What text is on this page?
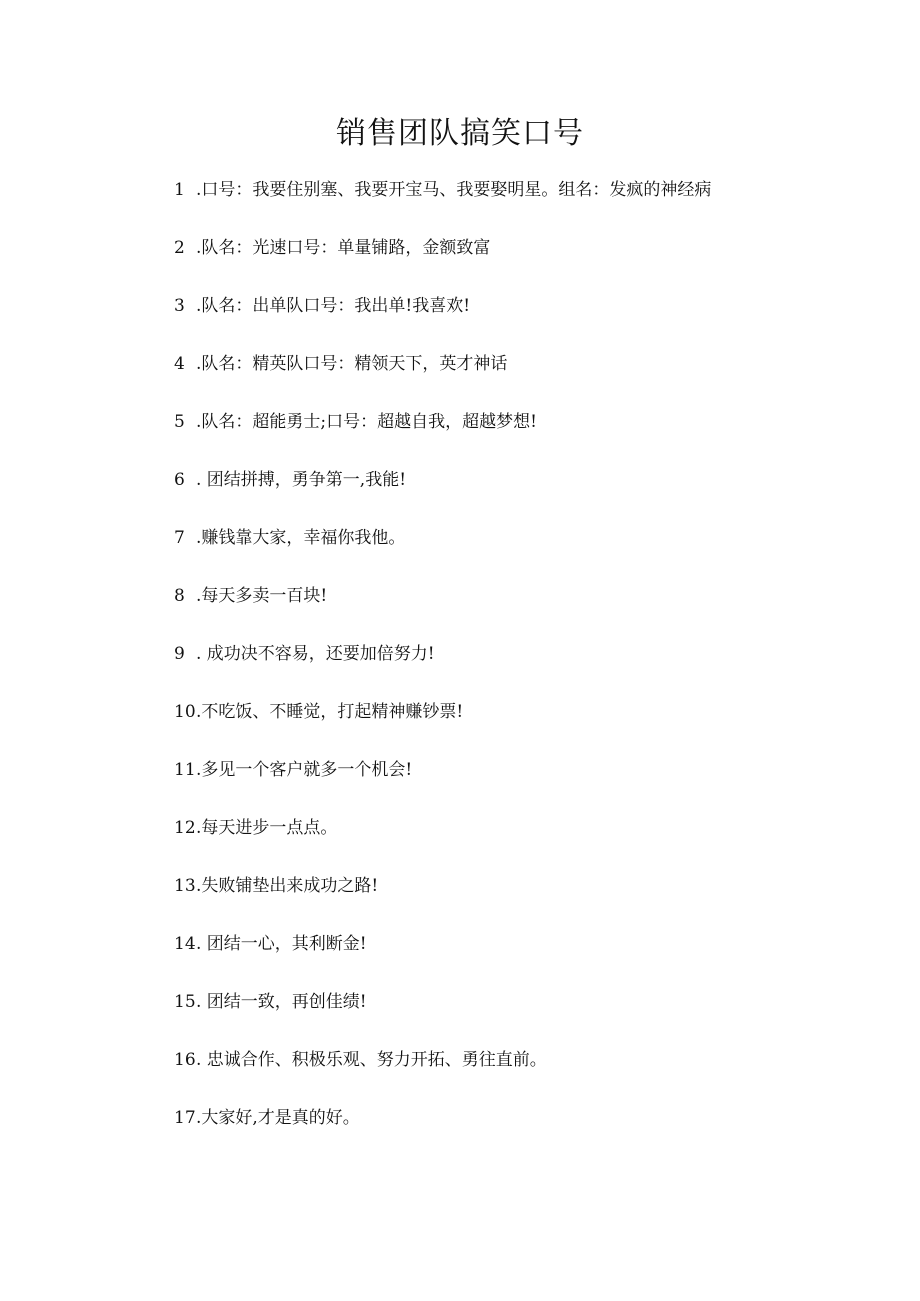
销售团队搞笑口号
1 .口号：我要住别塞、我要开宝马、我要娶明星。组名：发疯的神经病
2 .队名：光速口号：单量铺路，金额致富
3 .队名：出单队口号：我出单!我喜欢!
4 .队名：精英队口号：精领天下，英才神话
5 .队名：超能勇士;口号：超越自我，超越梦想!
6 . 团结拼搏，勇争第一,我能!
7 .赚钱靠大家，幸福你我他。
8 .每天多卖一百块!
9 . 成功决不容易，还要加倍努力!
10 .不吃饭、不睡觉，打起精神赚钞票!
11 .多见一个客户就多一个机会!
12 .每天进步一点点。
13 .失败铺垫出来成功之路!
14 . 团结一心，其利断金!
15 . 团结一致，再创佳绩!
16 . 忠诚合作、积极乐观、努力开拓、勇往直前。
17 .大家好,才是真的好。
